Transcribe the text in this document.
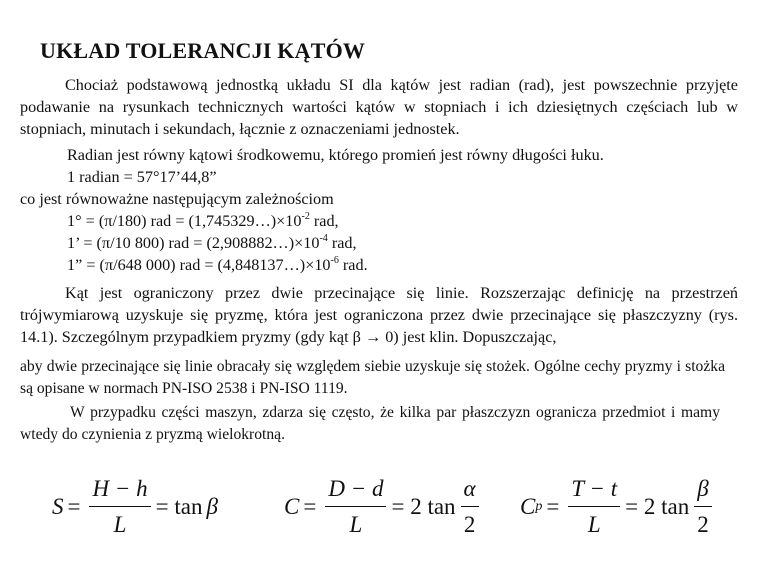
UKŁAD TOLERANCJI KĄTÓW

Chociaż podstawową jednostką układu SI dla kątów jest radian (rad), jest powszechnie przyjęte podawanie na rysunkach technicznych wartości kątów w stopniach i ich dziesiętnych częściach lub w stopniach, minutach i sekundach, łącznie z oznaczeniami jednostek.

Radian jest równy kątowi środkowemu, którego promień jest równy długości łuku.

1 radian = 57°17’44,8”

co jest równoważne następującym zależnościom

1° = (π/180) rad = $(1,745329\dots)\times 10^{-2}$ rad,

1’ = (π/10 800) rad = $(2,908882\dots)\times 10^{-4}$ rad,

1” = (π/648 000) rad = $(4,848137\dots)\times 10^{-6}$ rad.

Kąt jest ograniczony przez dwie przecinające się linie. Rozszerzając definicję na przestrzeń trójwymiarową uzyskuje się pryzmę, która jest ograniczona przez dwie przecinające się płaszczyzny (rys. 14.1). Szczególnym przypadkiem pryzmy (gdy kąt β → 0) jest klin. Dopuszczając,

aby dwie przecinające się linie obracały się względem siebie uzyskuje się stożek. Ogólne cechy pryzmy i stożka są opisane w normach PN-ISO 2538 i PN-ISO 1119.

W przypadku części maszyn, zdarza się często, że kilka par płaszczyzn ogranicza przedmiot i mamy wtedy do czynienia z pryzmą wielokrotną.

$S = \frac{H - h}{L} = \tan \beta$	$C = \frac{D - d}{L} = 2$ $\tan \frac{\alpha}{2}$ C $p = \frac{T - t}{L} = 2$ $\tan \frac{\beta}{2}$
